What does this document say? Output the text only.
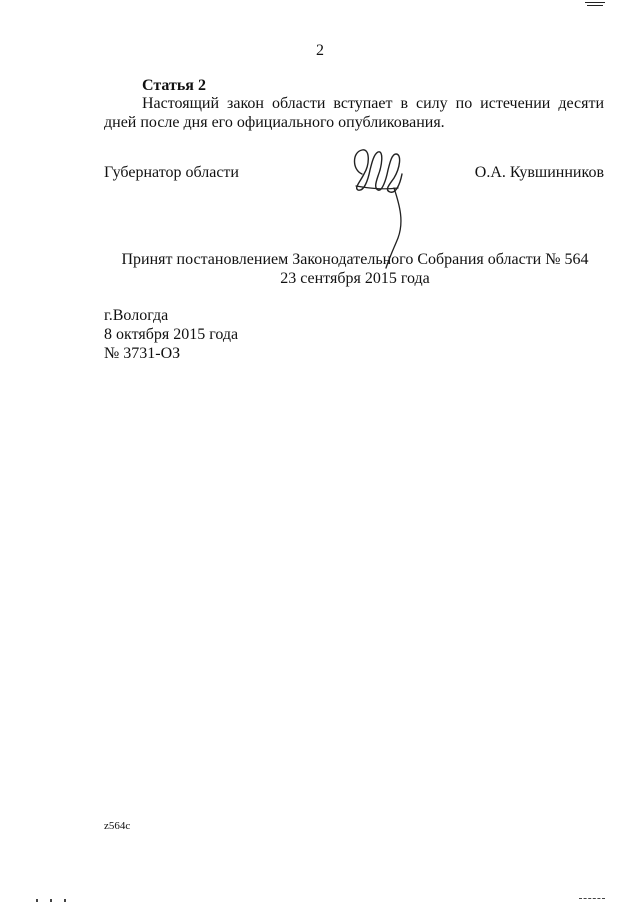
2
Статья 2
Настоящий закон области вступает в силу по истечении десяти дней после дня его официального опубликования.
Губернатор области	О.А. Кувшинников
Принят постановлением Законодательного Собрания области № 564
23 сентября 2015 года
г.Вологда
8 октября 2015 года
№ 3731-ОЗ
z564c
